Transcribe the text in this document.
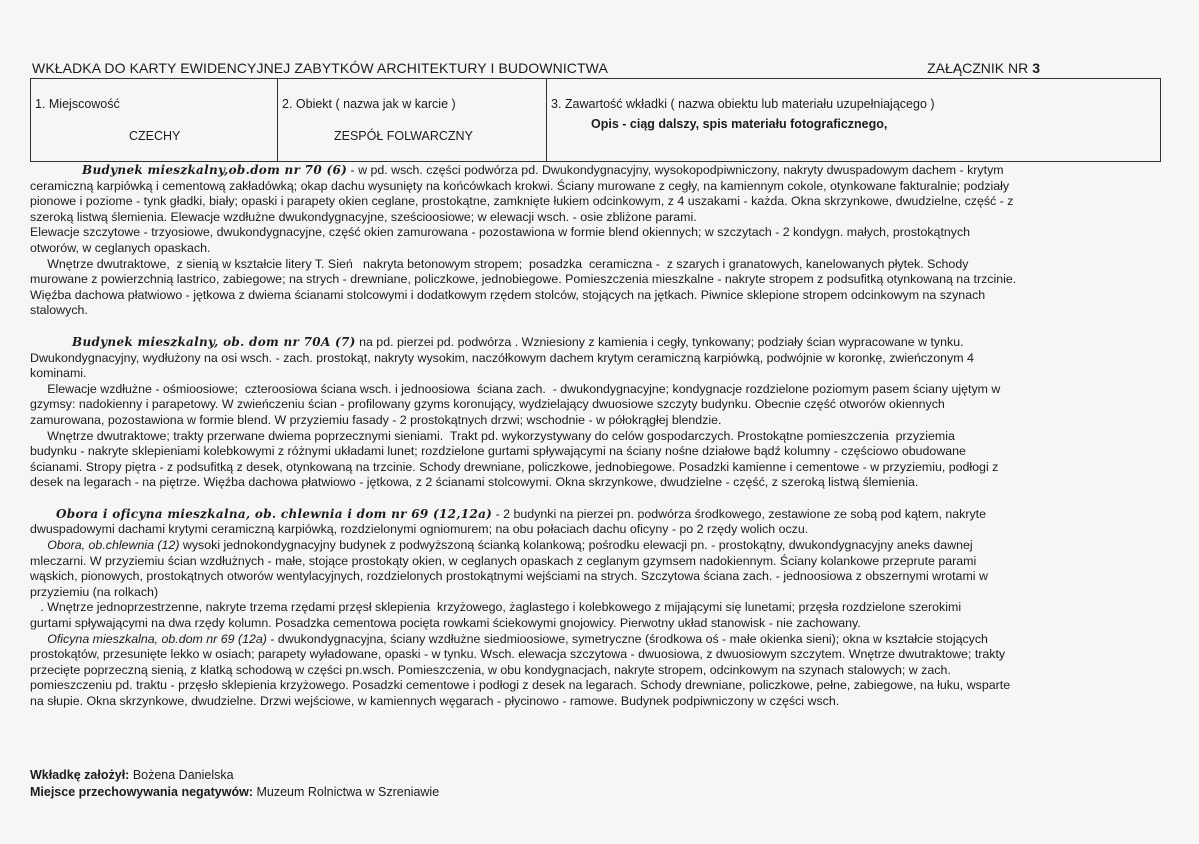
WKŁADKA DO KARTY EWIDENCYJNEJ ZABYTKÓW ARCHITEKTURY I BUDOWNICTWA	ZAŁĄCZNIK NR 3
1. Miejscowość
CZECHY
2. Obiekt ( nazwa jak w karcie )
ZESPÓŁ FOLWARCZNY
3. Zawartość wkładki ( nazwa obiektu lub materiału uzupełniającego )
Opis - ciąg dalszy, spis materiału fotograficznego,

Budynek mieszkalny,ob.dom nr 70 (6) - w pd. wsch. części podwórza pd. Dwukondygnacyjny, wysokopodpiwniczony, nakryty dwuspadowym dachem - krytym

ceramiczną karpiówką i cementową zakładówką; okap dachu wysunięty na końcówkach krokwi. Ściany murowane z cegły, na kamiennym cokole, otynkowane fakturalnie; podziały

pionowe i poziome - tynk gładki, biały; opaski i parapety okien ceglane, prostokątne, zamknięte łukiem odcinkowym, z 4 uszakami - każda. Okna skrzynkowe, dwudzielne, część - z

szeroką listwą ślemienia. Elewacje wzdłużne dwukondygnacyjne, sześcioosiowe; w elewacji wsch. - osie zbliżone parami.

Elewacje szczytowe - trzyosiowe, dwukondygnacyjne, część okien zamurowana - pozostawiona w formie blend okiennych; w szczytach - 2 kondygn. małych, prostokątnych

otworów, w ceglanych opaskach.

Wnętrze dwutraktowe,  z sienią w kształcie litery T. Sień   nakryta betonowym stropem;  posadzka  ceramiczna -  z szarych i granatowych, kanelowanych płytek. Schody

murowane z powierzchnią lastrico, zabiegowe; na strych - drewniane, policzkowe, jednobiegowe. Pomieszczenia mieszkalne - nakryte stropem z podsufitką otynkowaną na trzcinie.

Więźba dachowa płatwiowo - jętkowa z dwiema ścianami stolcowymi i dodatkowym rzędem stolców, stojących na jętkach. Piwnice sklepione stropem odcinkowym na szynach

stalowych.

Budynek mieszkalny, ob. dom nr 70A (7) na pd. pierzei pd. podwórza . Wzniesiony z kamienia i cegły, tynkowany; podziały ścian wypracowane w tynku.

Dwukondygnacyjny, wydłużony na osi wsch. - zach. prostokąt, nakryty wysokim, naczółkowym dachem krytym ceramiczną karpiówką, podwójnie w koronkę, zwieńczonym 4

kominami.

Elewacje wzdłużne - ośmioosiowe;  czteroosiowa ściana wsch. i jednoosiowa  ściana zach.  - dwukondygnacyjne; kondygnacje rozdzielone poziomym pasem ściany ujętym w

gzymsy: nadokienny i parapetowy. W zwieńczeniu ścian - profilowany gzyms koronujący, wydzielający dwuosiowe szczyty budynku. Obecnie część otworów okiennych

zamurowana, pozostawiona w formie blend. W przyziemiu fasady - 2 prostokątnych drzwi; wschodnie - w półokrągłej blendzie.

Wnętrze dwutraktowe; trakty przerwane dwiema poprzecznymi sieniami.  Trakt pd. wykorzystywany do celów gospodarczych. Prostokątne pomieszczenia  przyziemia

budynku - nakryte sklepieniami kolebkowymi z różnymi układami lunet; rozdzielone gurtami spływającymi na ściany nośne działowe bądź kolumny - częściowo obudowane

ścianami. Stropy piętra - z podsufitką z desek, otynkowaną na trzcinie. Schody drewniane, policzkowe, jednobiegowe. Posadzki kamienne i cementowe - w przyziemiu, podłogi z

desek na legarach - na piętrze. Więźba dachowa płatwiowo - jętkowa, z 2 ścianami stolcowymi. Okna skrzynkowe, dwudzielne - część, z szeroką listwą ślemienia.

Obora i oficyna mieszkalna, ob. chlewnia i dom nr 69 (12,12a) - 2 budynki na pierzei pn. podwórza środkowego, zestawione ze sobą pod kątem, nakryte

dwuspadowymi dachami krytymi ceramiczną karpiówką, rozdzielonymi ogniomurem; na obu połaciach dachu oficyny - po 2 rzędy wolich oczu.

Obora, ob.chlewnia (12) wysoki jednokondygnacyjny budynek z podwyższoną ścianką kolankową; pośrodku elewacji pn. - prostokątny, dwukondygnacyjny aneks dawnej

mleczarni. W przyziemiu ścian wzdłużnych - małe, stojące prostokąty okien, w ceglanych opaskach z ceglanym gzymsem nadokiennym. Ściany kolankowe przeprute parami

wąskich, pionowych, prostokątnych otworów wentylacyjnych, rozdzielonych prostokątnymi wejściami na strych. Szczytowa ściana zach. - jednoosiowa z obszernymi wrotami w

przyziemiu (na rolkach)

. Wnętrze jednoprzestrzenne, nakryte trzema rzędami przęsł sklepienia  krzyżowego, żaglastego i kolebkowego z mijającymi się lunetami; przęsła rozdzielone szerokimi

gurtami spływającymi na dwa rzędy kolumn. Posadzka cementowa pocięta rowkami ściekowymi gnojowicy. Pierwotny układ stanowisk - nie zachowany.

Oficyna mieszkalna, ob.dom nr 69 (12a) - dwukondygnacyjna, ściany wzdłużne siedmioosiowe, symetryczne (środkowa oś - małe okienka sieni); okna w kształcie stojących

prostokątów, przesunięte lekko w osiach; parapety wyładowane, opaski - w tynku. Wsch. elewacja szczytowa - dwuosiowa, z dwuosiowym szczytem. Wnętrze dwutraktowe; trakty

przecięte poprzeczną sienią, z klatką schodową w części pn.wsch. Pomieszczenia, w obu kondygnacjach, nakryte stropem, odcinkowym na szynach stalowych; w zach.

pomieszczeniu pd. traktu - przęsło sklepienia krzyżowego. Posadzki cementowe i podłogi z desek na legarach. Schody drewniane, policzkowe, pełne, zabiegowe, na łuku, wsparte

na słupie. Okna skrzynkowe, dwudzielne. Drzwi wejściowe, w kamiennych węgarach - płycinowo - ramowe. Budynek podpiwniczony w części wsch.

Wkładkę założył: Bożena Danielska
Miejsce przechowywania negatywów: Muzeum Rolnictwa w Szreniawie
